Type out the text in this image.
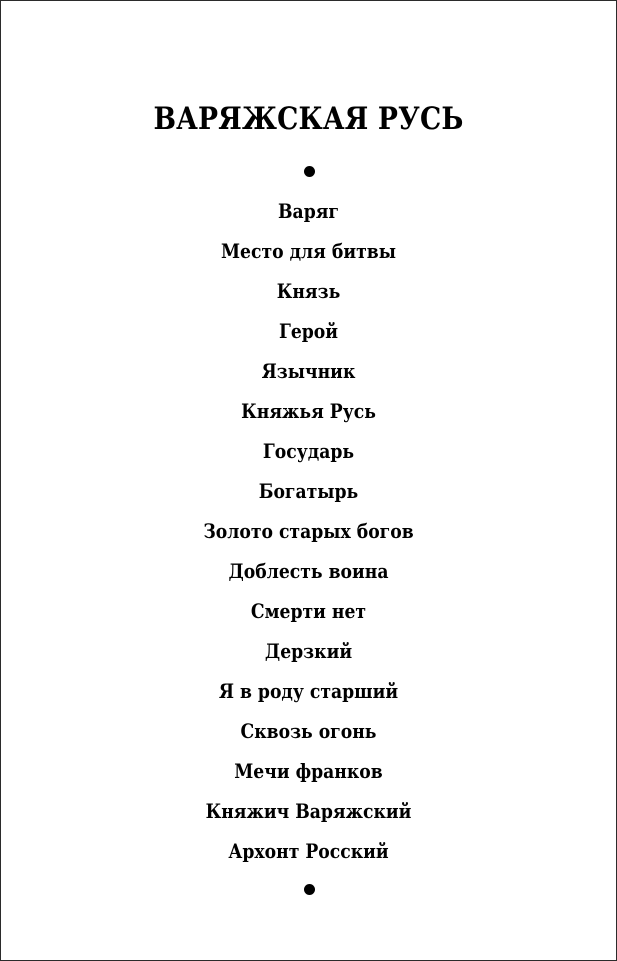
ВАРЯЖСКАЯ РУСЬ
Варяг
Место для битвы
Князь
Герой
Язычник
Княжья Русь
Государь
Богатырь
Золото старых богов
Доблесть воина
Смерти нет
Дерзкий
Я в роду старший
Сквозь огонь
Мечи франков
Княжич Варяжский
Архонт Росский
